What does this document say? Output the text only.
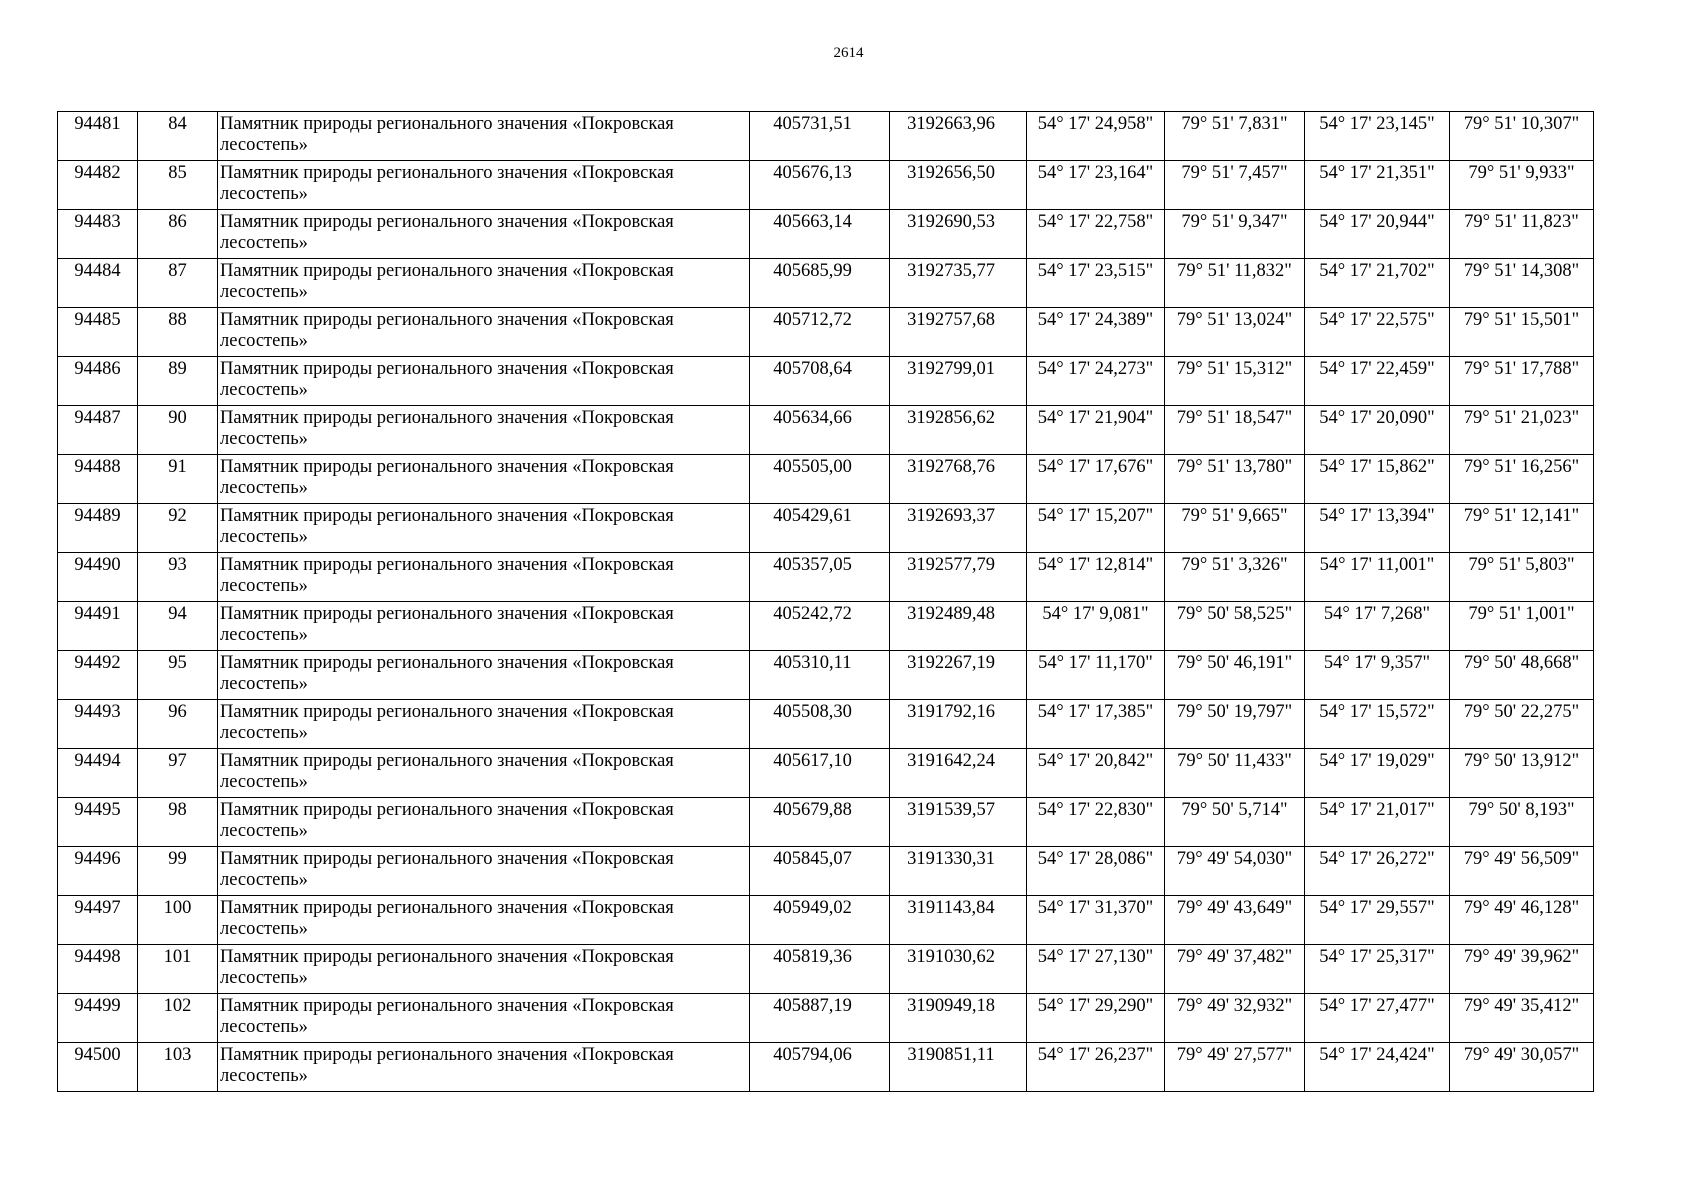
2614
94481	84	Памятник природы регионального значения «Покровская лесостепь»	405731,51	3192663,96	54° 17' 24,958"	79° 51' 7,831"	54° 17' 23,145"	79° 51' 10,307"
94482	85	Памятник природы регионального значения «Покровская лесостепь»	405676,13	3192656,50	54° 17' 23,164"	79° 51' 7,457"	54° 17' 21,351"	79° 51' 9,933"
94483	86	Памятник природы регионального значения «Покровская лесостепь»	405663,14	3192690,53	54° 17' 22,758"	79° 51' 9,347"	54° 17' 20,944"	79° 51' 11,823"
94484	87	Памятник природы регионального значения «Покровская лесостепь»	405685,99	3192735,77	54° 17' 23,515"	79° 51' 11,832"	54° 17' 21,702"	79° 51' 14,308"
94485	88	Памятник природы регионального значения «Покровская лесостепь»	405712,72	3192757,68	54° 17' 24,389"	79° 51' 13,024"	54° 17' 22,575"	79° 51' 15,501"
94486	89	Памятник природы регионального значения «Покровская лесостепь»	405708,64	3192799,01	54° 17' 24,273"	79° 51' 15,312"	54° 17' 22,459"	79° 51' 17,788"
94487	90	Памятник природы регионального значения «Покровская лесостепь»	405634,66	3192856,62	54° 17' 21,904"	79° 51' 18,547"	54° 17' 20,090"	79° 51' 21,023"
94488	91	Памятник природы регионального значения «Покровская лесостепь»	405505,00	3192768,76	54° 17' 17,676"	79° 51' 13,780"	54° 17' 15,862"	79° 51' 16,256"
94489	92	Памятник природы регионального значения «Покровская лесостепь»	405429,61	3192693,37	54° 17' 15,207"	79° 51' 9,665"	54° 17' 13,394"	79° 51' 12,141"
94490	93	Памятник природы регионального значения «Покровская лесостепь»	405357,05	3192577,79	54° 17' 12,814"	79° 51' 3,326"	54° 17' 11,001"	79° 51' 5,803"
94491	94	Памятник природы регионального значения «Покровская лесостепь»	405242,72	3192489,48	54° 17' 9,081"	79° 50' 58,525"	54° 17' 7,268"	79° 51' 1,001"
94492	95	Памятник природы регионального значения «Покровская лесостепь»	405310,11	3192267,19	54° 17' 11,170"	79° 50' 46,191"	54° 17' 9,357"	79° 50' 48,668"
94493	96	Памятник природы регионального значения «Покровская лесостепь»	405508,30	3191792,16	54° 17' 17,385"	79° 50' 19,797"	54° 17' 15,572"	79° 50' 22,275"
94494	97	Памятник природы регионального значения «Покровская лесостепь»	405617,10	3191642,24	54° 17' 20,842"	79° 50' 11,433"	54° 17' 19,029"	79° 50' 13,912"
94495	98	Памятник природы регионального значения «Покровская лесостепь»	405679,88	3191539,57	54° 17' 22,830"	79° 50' 5,714"	54° 17' 21,017"	79° 50' 8,193"
94496	99	Памятник природы регионального значения «Покровская лесостепь»	405845,07	3191330,31	54° 17' 28,086"	79° 49' 54,030"	54° 17' 26,272"	79° 49' 56,509"
94497	100	Памятник природы регионального значения «Покровская лесостепь»	405949,02	3191143,84	54° 17' 31,370"	79° 49' 43,649"	54° 17' 29,557"	79° 49' 46,128"
94498	101	Памятник природы регионального значения «Покровская лесостепь»	405819,36	3191030,62	54° 17' 27,130"	79° 49' 37,482"	54° 17' 25,317"	79° 49' 39,962"
94499	102	Памятник природы регионального значения «Покровская лесостепь»	405887,19	3190949,18	54° 17' 29,290"	79° 49' 32,932"	54° 17' 27,477"	79° 49' 35,412"
94500	103	Памятник природы регионального значения «Покровская лесостепь»	405794,06	3190851,11	54° 17' 26,237"	79° 49' 27,577"	54° 17' 24,424"	79° 49' 30,057"
